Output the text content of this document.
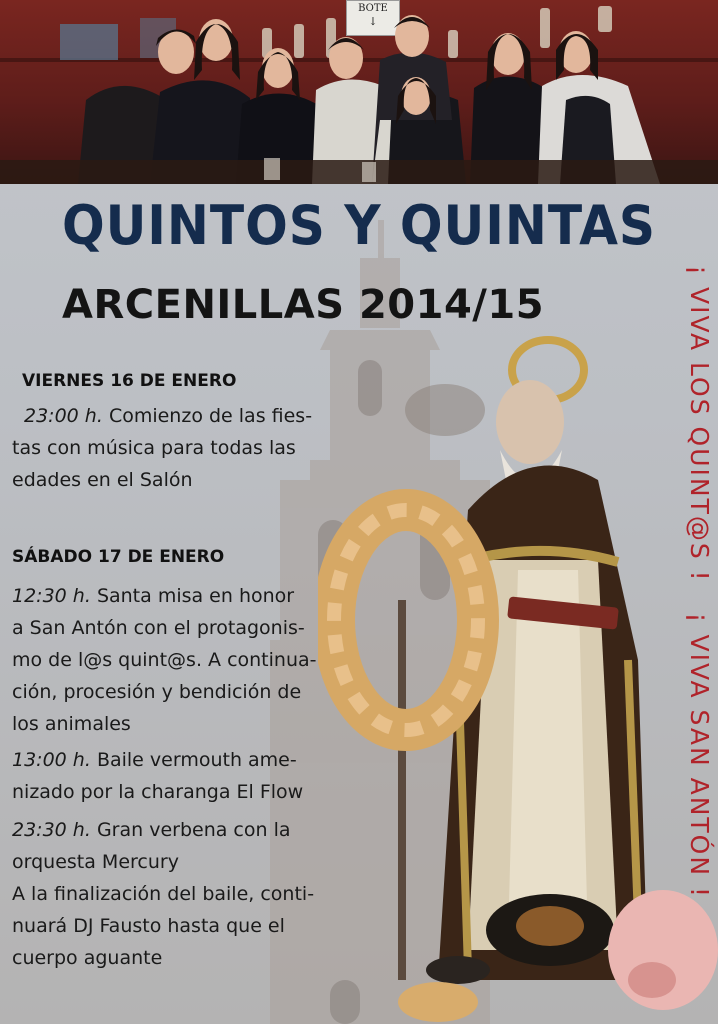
BOTE
↓
QUINTOS Y QUINTAS
ARCENILLAS 2014/15
VIERNES 16 DE ENERO
23:00 h. Comienzo de las fies-
tas con música para todas las
edades en el Salón
SÁBADO 17 DE ENERO
12:30 h. Santa misa en honor
a San Antón con el protagonis-
mo de l@s quint@s. A continua-
ción, procesión y bendición de
los animales
13:00 h. Baile vermouth ame-
nizado por la charanga El Flow
23:30 h. Gran verbena con la
orquesta Mercury
A la finalización del baile, conti-
nuará DJ Fausto hasta que el
cuerpo aguante
¡ VIVA LOS QUINT@S !   ¡ VIVA SAN ANTÓN !
